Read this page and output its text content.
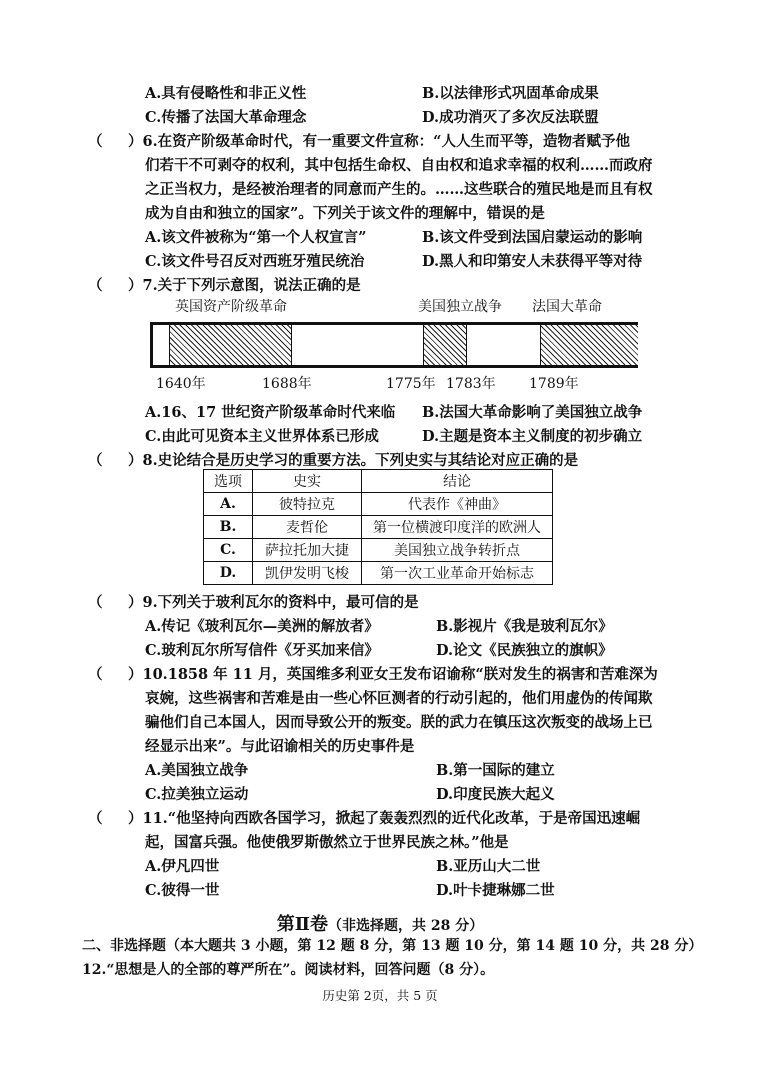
A.具有侵略性和非正义性	B.以法律形式巩固革命成果
C.传播了法国大革命理念	D.成功消灭了多次反法联盟
（ ）6.在资产阶级革命时代，有一重要文件宣称：“人人生而平等，造物者赋予他
们若干不可剥夺的权利，其中包括生命权、自由权和追求幸福的权利……而政府
之正当权力，是经被治理者的同意而产生的。……这些联合的殖民地是而且有权
成为自由和独立的国家”。下列关于该文件的理解中，错误的是
A.该文件被称为“第一个人权宣言”	B.该文件受到法国启蒙运动的影响
C.该文件号召反对西班牙殖民统治	D.黑人和印第安人未获得平等对待
（ ）7.关于下列示意图，说法正确的是
英国资产阶级革命	美国独立战争 法国大革命
1640年	1688年	1775年 1783年 1789年
A.16、17 世纪资产阶级革命时代来临 B.法国大革命影响了美国独立战争
C.由此可见资本主义世界体系已形成	D.主题是资本主义制度的初步确立
（ ）8.史论结合是历史学习的重要方法。下列史实与其结论对应正确的是
选项	史实	结论
A.	彼特拉克	代表作《神曲》
B.	麦哲伦	第一位横渡印度洋的欧洲人
C.	萨拉托加大捷	美国独立战争转折点
D.	凯伊发明飞梭	第一次工业革命开始标志
（ ）9.下列关于玻利瓦尔的资料中，最可信的是
A.传记《玻利瓦尔—美洲的解放者》	B.影视片《我是玻利瓦尔》
C.玻利瓦尔所写信件《牙买加来信》	D.论文《民族独立的旗帜》
（ ）10.1858 年 11 月，英国维多利亚女王发布诏谕称“朕对发生的祸害和苦难深为
哀婉，这些祸害和苦难是由一些心怀叵测者的行动引起的，他们用虚伪的传闻欺
骗他们自己本国人，因而导致公开的叛变。朕的武力在镇压这次叛变的战场上已
经显示出来”。与此诏谕相关的历史事件是
A.美国独立战争	B.第一国际的建立
C.拉美独立运动	D.印度民族大起义
（ ）11.“他坚持向西欧各国学习，掀起了轰轰烈烈的近代化改革，于是帝国迅速崛
起，国富兵强。他使俄罗斯傲然立于世界民族之林。”他是
A.伊凡四世	B.亚历山大二世
C.彼得一世	D.叶卡捷琳娜二世
第Ⅱ卷（非选择题，共 28 分）
二、非选择题（本大题共 3 小题，第 12 题 8 分，第 13 题 10 分，第 14 题 10 分，共 28 分）
12.“思想是人的全部的尊严所在”。阅读材料，回答问题（8 分）。
历史第 2页，共 5 页
